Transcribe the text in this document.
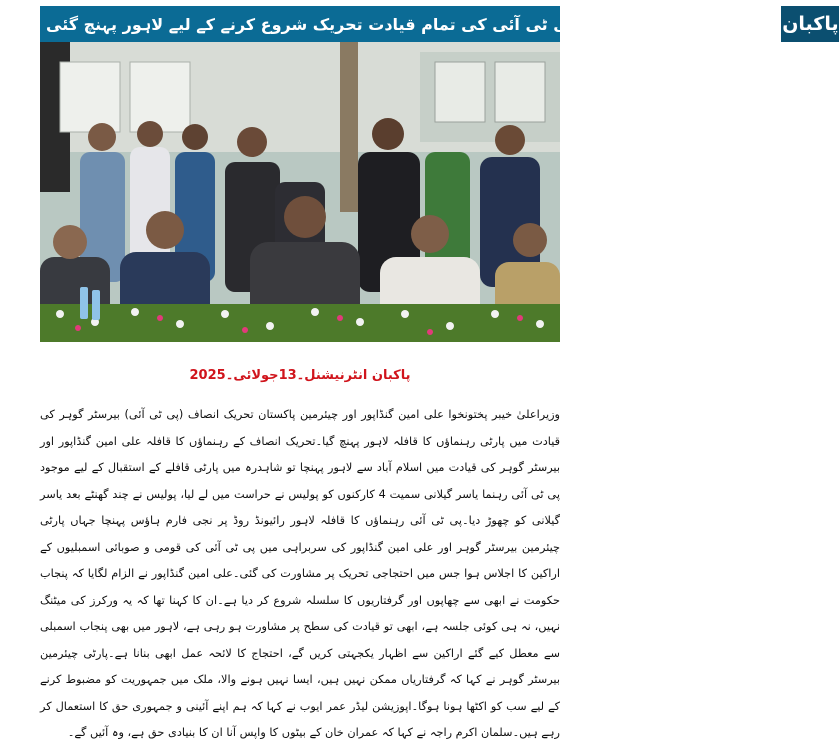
پاکبان
علی امین گنڈاپور سمیت پی ٹی آئی کی تمام قیادت تحریک شروع کرنے کے لیے لاہور پہنچ گئی
پاکبان انٹرنیشنل۔13جولائی۔2025
وزیراعلیٰ خیبر پختونخوا علی امین گنڈاپور اور چیئرمین پاکستان تحریک انصاف (پی ٹی آئی) بیرسٹر گوہر کی قیادت میں پارٹی رہنماؤں کا قافلہ لاہور پہنچ گیا۔تحریک انصاف کے رہنماؤں کا قافلہ علی امین گنڈاپور اور بیرسٹر گوہر کی قیادت میں اسلام آباد سے لاہور پہنچا تو شاہدرہ میں پارٹی قافلے کے استقبال کے لیے موجود پی ٹی آئی رہنما یاسر گیلانی سمیت 4 کارکنوں کو پولیس نے حراست میں لے لیا، پولیس نے چند گھنٹے بعد یاسر گیلانی کو چھوڑ دیا۔پی ٹی آئی رہنماؤں کا قافلہ لاہور رائیونڈ روڈ پر نجی فارم ہاؤس پہنچا جہاں پارٹی چیئرمین بیرسٹر گوہر اور علی امین گنڈاپور کی سربراہی میں پی ٹی آئی کی قومی و صوبائی اسمبلیوں کے اراکین کا اجلاس ہوا جس میں احتجاجی تحریک پر مشاورت کی گئی۔علی امین گنڈاپور نے الزام لگایا کہ پنجاب حکومت نے ابھی سے چھاپوں اور گرفتاریوں کا سلسلہ شروع کر دیا ہے۔ان کا کہنا تھا کہ یہ ورکرز کی میٹنگ نہیں، نہ ہی کوئی جلسہ ہے، ابھی تو قیادت کی سطح پر مشاورت ہو رہی ہے، لاہور میں بھی پنجاب اسمبلی سے معطل کیے گئے اراکین سے اظہار یکجہتی کریں گے، احتجاج کا لائحہ عمل ابھی بنانا ہے۔پارٹی چیئرمین بیرسٹر گوہر نے کہا کہ گرفتاریاں ممکن نہیں ہیں، ایسا نہیں ہونے والا، ملک میں جمہوریت کو مضبوط کرنے کے لیے سب کو اکٹھا ہونا ہوگا۔اپوزیشن لیڈر عمر ایوب نے کہا کہ ہم اپنے آئینی و جمہوری حق کا استعمال کر رہے ہیں۔سلمان اکرم راجہ نے کہا کہ عمران خان کے بیٹوں کا واپس آنا ان کا بنیادی حق ہے، وہ آئیں گے۔
